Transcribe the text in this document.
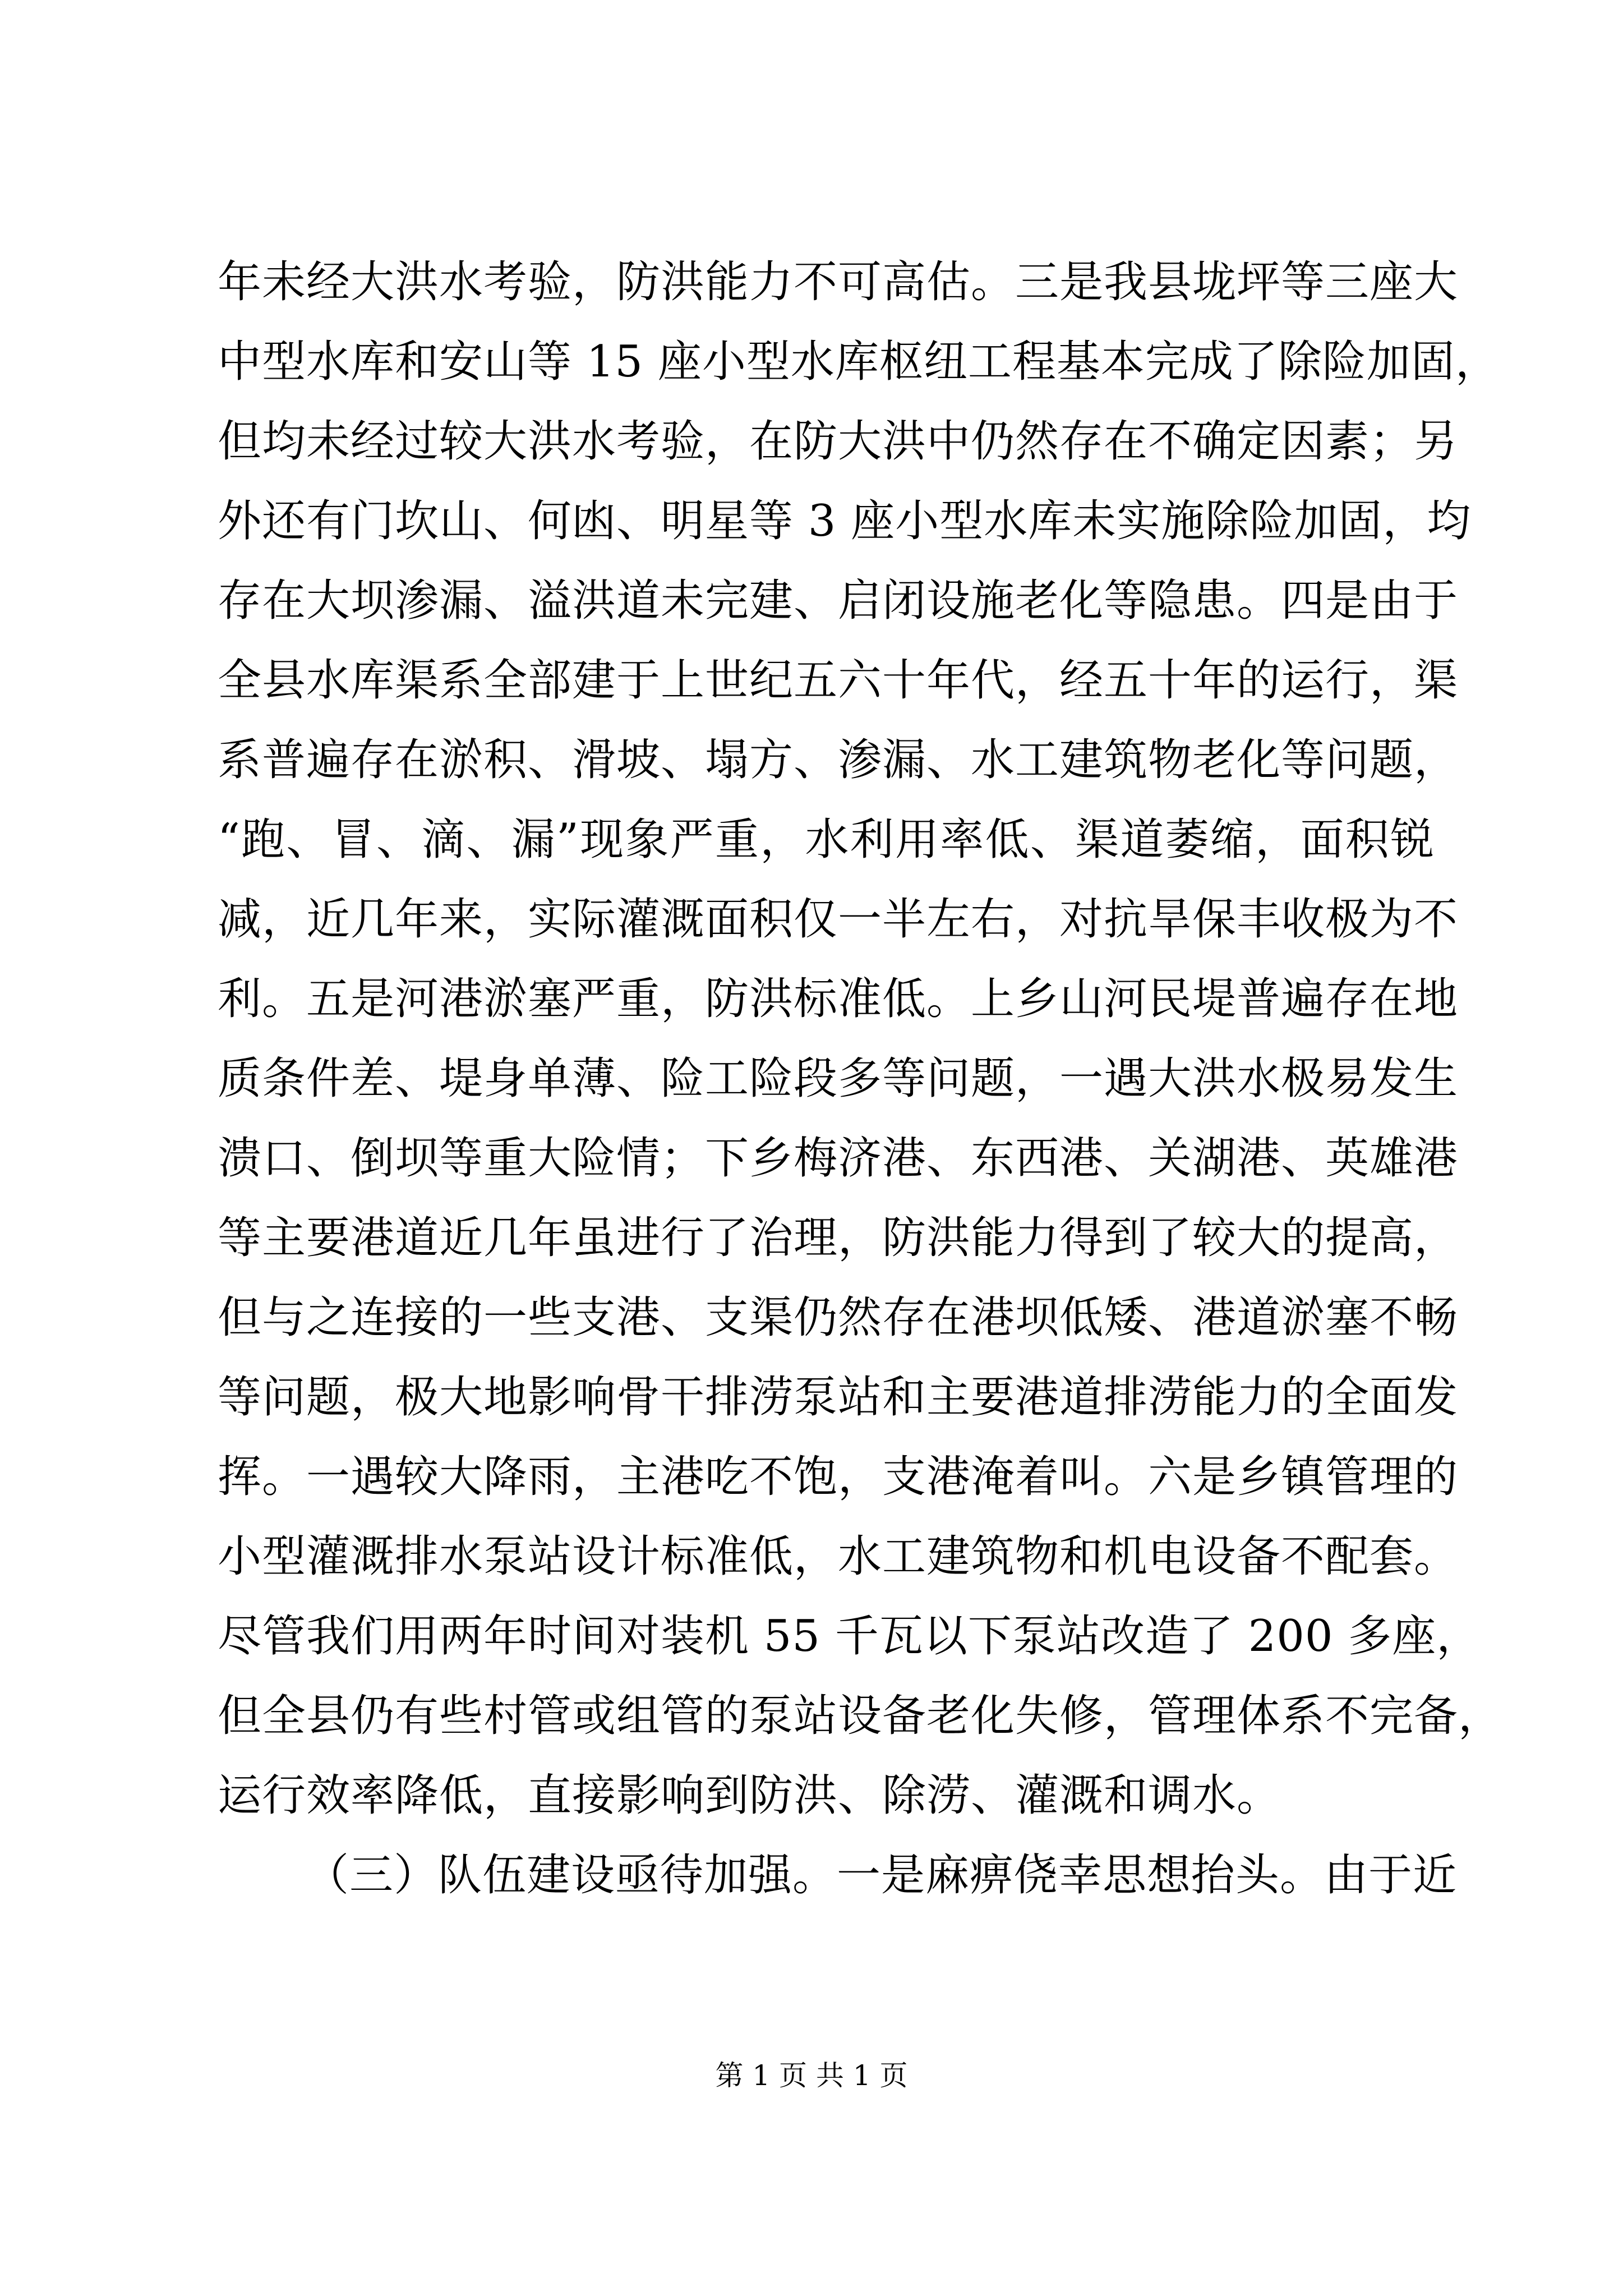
年未经大洪水考验，防洪能力不可高估。三是我县垅坪等三座大
中型水库和安山等 15 座小型水库枢纽工程基本完成了除险加固，
但均未经过较大洪水考验，在防大洪中仍然存在不确定因素；另
外还有门坎山、何凼、明星等 3 座小型水库未实施除险加固，均
存在大坝渗漏、溢洪道未完建、启闭设施老化等隐患。四是由于
全县水库渠系全部建于上世纪五六十年代，经五十年的运行，渠
系普遍存在淤积、滑坡、塌方、渗漏、水工建筑物老化等问题，
“跑、冒、滴、漏”现象严重，水利用率低、渠道萎缩，面积锐
减，近几年来，实际灌溉面积仅一半左右，对抗旱保丰收极为不
利。五是河港淤塞严重，防洪标准低。上乡山河民堤普遍存在地
质条件差、堤身单薄、险工险段多等问题，一遇大洪水极易发生
溃口、倒坝等重大险情；下乡梅济港、东西港、关湖港、英雄港
等主要港道近几年虽进行了治理，防洪能力得到了较大的提高，
但与之连接的一些支港、支渠仍然存在港坝低矮、港道淤塞不畅
等问题，极大地影响骨干排涝泵站和主要港道排涝能力的全面发
挥。一遇较大降雨，主港吃不饱，支港淹着叫。六是乡镇管理的
小型灌溉排水泵站设计标准低，水工建筑物和机电设备不配套。
尽管我们用两年时间对装机 55 千瓦以下泵站改造了 200 多座，
但全县仍有些村管或组管的泵站设备老化失修，管理体系不完备，
运行效率降低，直接影响到防洪、除涝、灌溉和调水。
（三）队伍建设亟待加强。一是麻痹侥幸思想抬头。由于近
第 1 页 共 1 页
